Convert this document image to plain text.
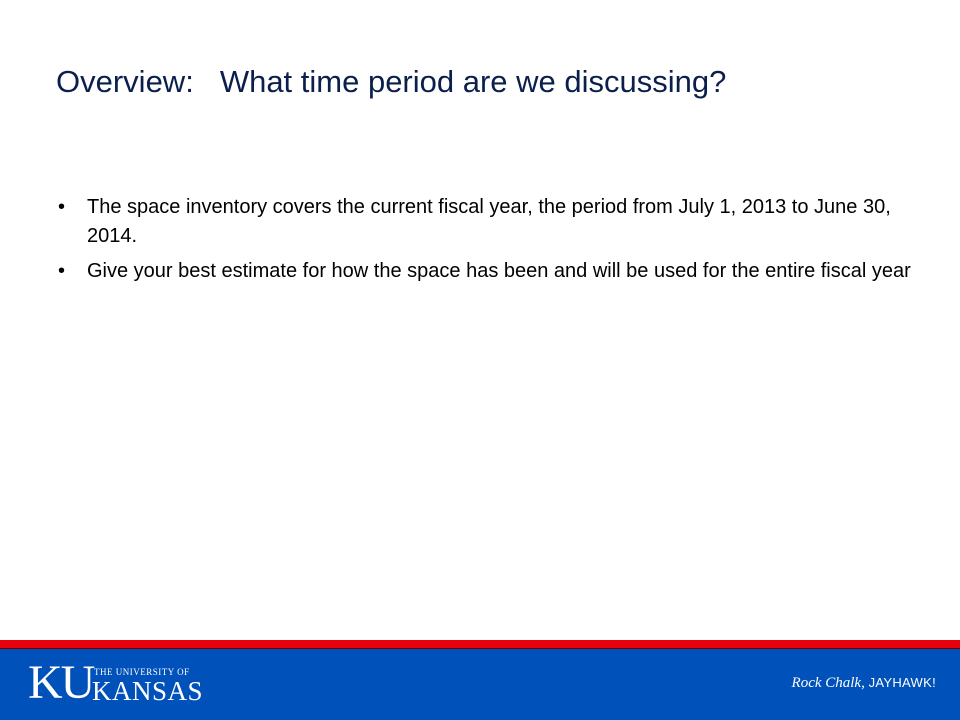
Overview: What time period are we discussing?
• The space inventory covers the current fiscal year, the period from July 1, 2013 to June 30, 2014.
• Give your best estimate for how the space has been and will be used for the entire fiscal year
KU THE UNIVERSITY OF
KANSAS	Rock Chalk, JAYHAWK!
